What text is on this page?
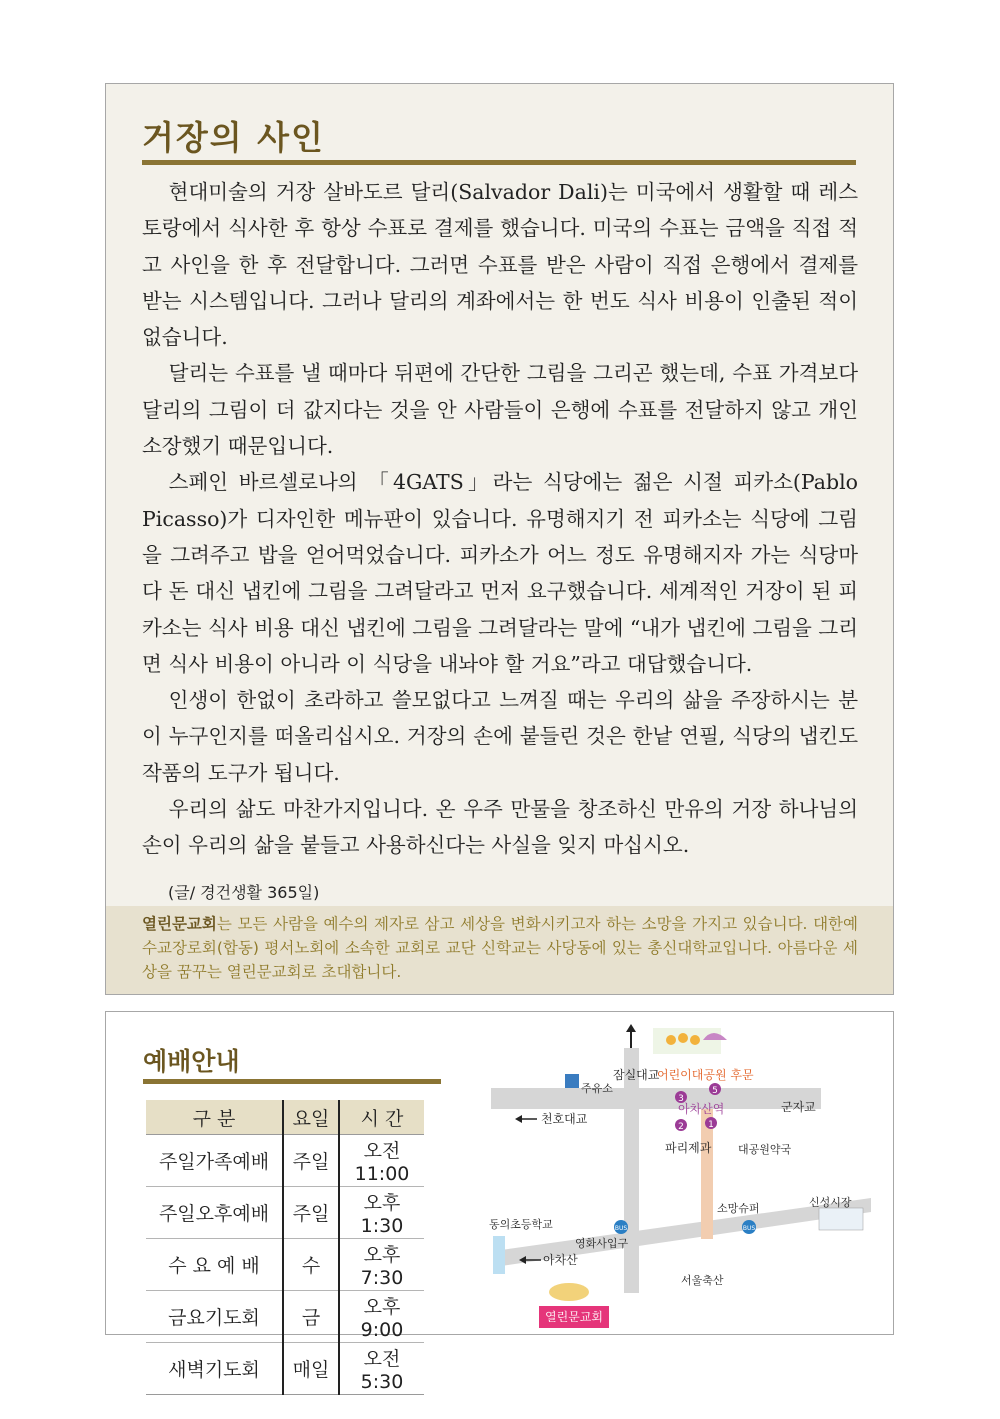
거장의 사인

현대미술의 거장 살바도르 달리(Salvador Dali)는 미국에서 생활할 때 레스토랑에서 식사한 후 항상 수표로 결제를 했습니다. 미국의 수표는 금액을 직접 적고 사인을 한 후 전달합니다. 그러면 수표를 받은 사람이 직접 은행에서 결제를 받는 시스템입니다. 그러나 달리의 계좌에서는 한 번도 식사 비용이 인출된 적이 없습니다.

달리는 수표를 낼 때마다 뒤편에 간단한 그림을 그리곤 했는데, 수표 가격보다 달리의 그림이 더 값지다는 것을 안 사람들이 은행에 수표를 전달하지 않고 개인 소장했기 때문입니다.

스페인 바르셀로나의 「4GATS」라는 식당에는 젊은 시절 피카소(Pablo Picasso)가 디자인한 메뉴판이 있습니다. 유명해지기 전 피카소는 식당에 그림을 그려주고 밥을 얻어먹었습니다. 피카소가 어느 정도 유명해지자 가는 식당마다 돈 대신 냅킨에 그림을 그려달라고 먼저 요구했습니다. 세계적인 거장이 된 피카소는 식사 비용 대신 냅킨에 그림을 그려달라는 말에 “내가 냅킨에 그림을 그리면 식사 비용이 아니라 이 식당을 내놔야 할 거요”라고 대답했습니다.

인생이 한없이 초라하고 쓸모없다고 느껴질 때는 우리의 삶을 주장하시는 분이 누구인지를 떠올리십시오. 거장의 손에 붙들린 것은 한낱 연필, 식당의 냅킨도 작품의 도구가 됩니다.

우리의 삶도 마찬가지입니다. 온 우주 만물을 창조하신 만유의 거장 하나님의 손이 우리의 삶을 붙들고 사용하신다는 사실을 잊지 마십시오.

(글/ 경건생활 365일)
열린문교회는 모든 사람을 예수의 제자로 삼고 세상을 변화시키고자 하는 소망을 가지고 있습니다. 대한예수교장로회(합동) 평서노회에 소속한 교회로 교단 신학교는 사당동에 있는 총신대학교입니다. 아름다운 세상을 꿈꾸는 열린문교회로 초대합니다.
예배안내
구 분	요일	시 간
주일가족예배	주일	오전11:00
주일오후예배	주일	오후 1:30
수 요 예 배	수	오후 7:30
금요기도회	금	오후 9:00
새벽기도회	매일	오전 5:30
3
5
2	1
BUS	BUS
잠실대교
어린이대공원 후문
주유소
아차산역	군자교
천호대교
파리제과 대공원약국
신성시장
소망슈퍼
동의초등학교
영화사입구
아차산
서울축산
열린문교회
